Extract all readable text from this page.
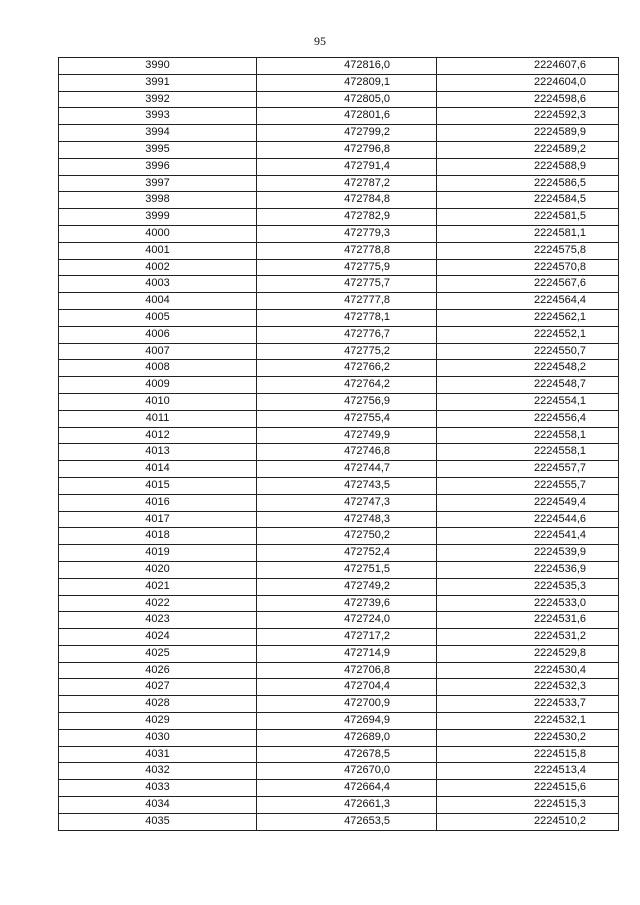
95
3990	472816,0	2224607,6
3991	472809,1	2224604,0
3992	472805,0	2224598,6
3993	472801,6	2224592,3
3994	472799,2	2224589,9
3995	472796,8	2224589,2
3996	472791,4	2224588,9
3997	472787,2	2224586,5
3998	472784,8	2224584,5
3999	472782,9	2224581,5
4000	472779,3	2224581,1
4001	472778,8	2224575,8
4002	472775,9	2224570,8
4003	472775,7	2224567,6
4004	472777,8	2224564,4
4005	472778,1	2224562,1
4006	472776,7	2224552,1
4007	472775,2	2224550,7
4008	472766,2	2224548,2
4009	472764,2	2224548,7
4010	472756,9	2224554,1
4011	472755,4	2224556,4
4012	472749,9	2224558,1
4013	472746,8	2224558,1
4014	472744,7	2224557,7
4015	472743,5	2224555,7
4016	472747,3	2224549,4
4017	472748,3	2224544,6
4018	472750,2	2224541,4
4019	472752,4	2224539,9
4020	472751,5	2224536,9
4021	472749,2	2224535,3
4022	472739,6	2224533,0
4023	472724,0	2224531,6
4024	472717,2	2224531,2
4025	472714,9	2224529,8
4026	472706,8	2224530,4
4027	472704,4	2224532,3
4028	472700,9	2224533,7
4029	472694,9	2224532,1
4030	472689,0	2224530,2
4031	472678,5	2224515,8
4032	472670,0	2224513,4
4033	472664,4	2224515,6
4034	472661,3	2224515,3
4035	472653,5	2224510,2
